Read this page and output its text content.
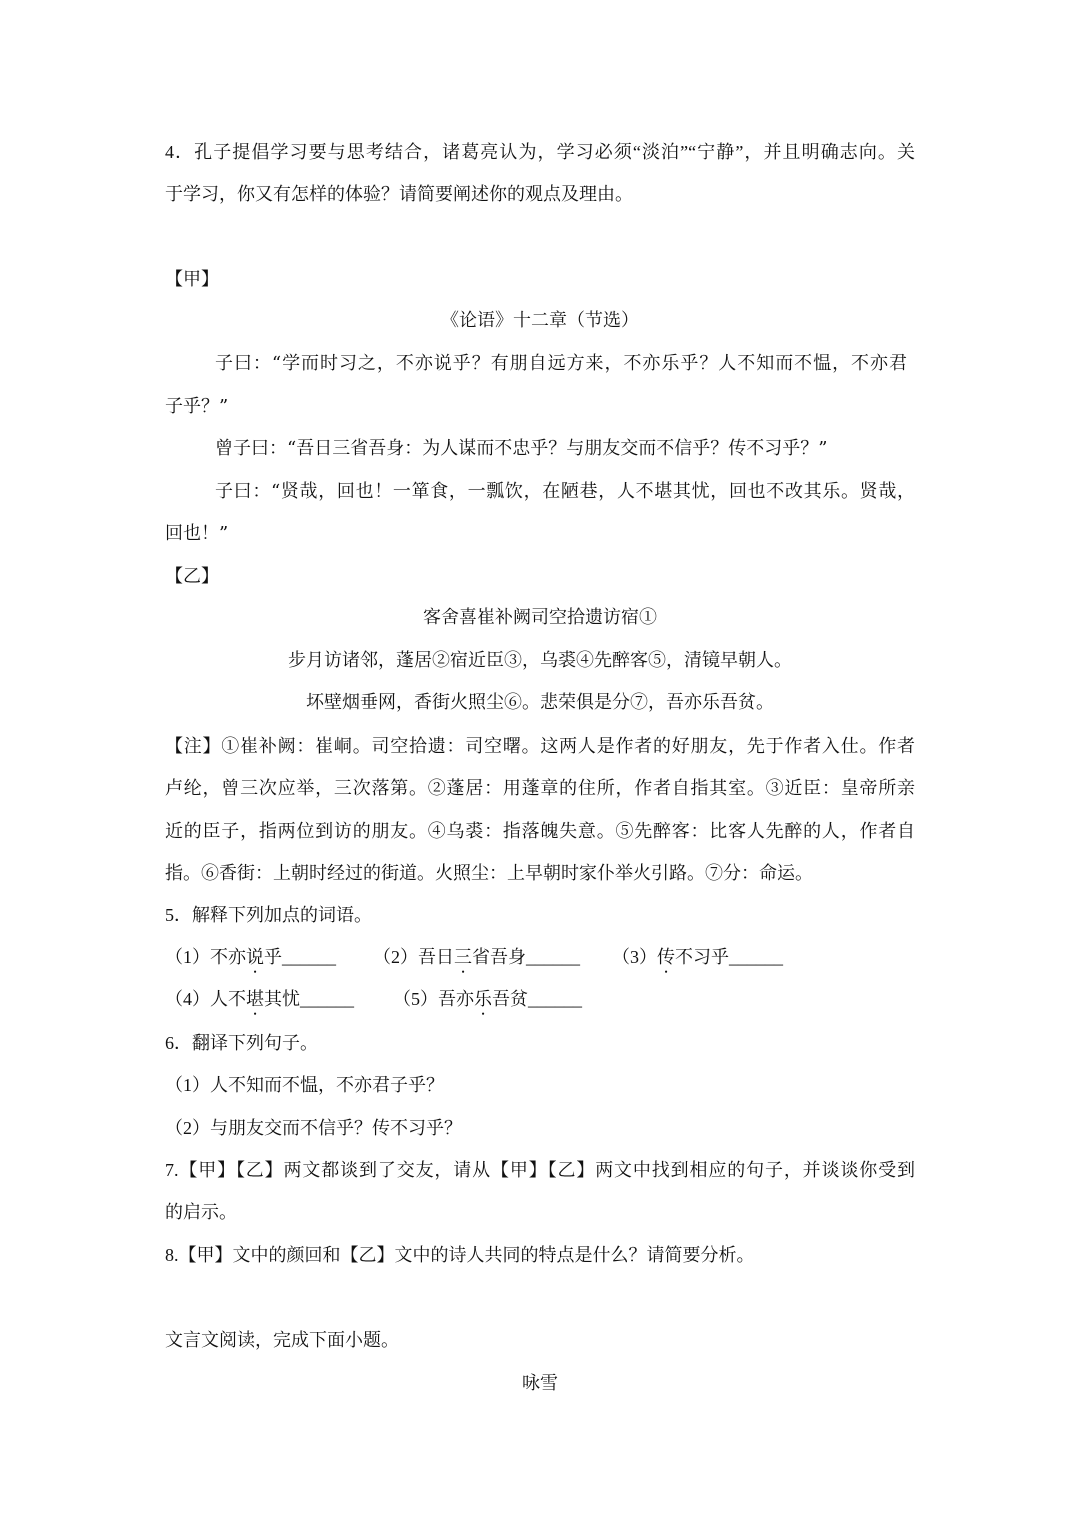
4．孔子提倡学习要与思考结合，诸葛亮认为，学习必须“淡泊”“宁静”，并且明确志向。关
于学习，你又有怎样的体验？请简要阐述你的观点及理由。
【甲】
《论语》十二章（节选）
子曰：“学而时习之，不亦说乎？有朋自远方来，不亦乐乎？人不知而不愠，不亦君
子乎？”
曾子曰：“吾日三省吾身：为人谋而不忠乎？与朋友交而不信乎？传不习乎？”
子曰：“贤哉，回也！一箪食，一瓢饮，在陋巷，人不堪其忧，回也不改其乐。贤哉，
回也！”
【乙】
客舍喜崔补阙司空拾遗访宿①
步月访诸邻，蓬居②宿近臣③，乌裘④先醉客⑤，清镜早朝人。
坏壁烟垂网，香街火照尘⑥。悲荣俱是分⑦，吾亦乐吾贫。
【注】①崔补阙：崔峒。司空拾遗：司空曙。这两人是作者的好朋友，先于作者入仕。作者
卢纶，曾三次应举，三次落第。②蓬居：用蓬章的住所，作者自指其室。③近臣：皇帝所亲
近的臣子，指两位到访的朋友。④乌裘：指落魄失意。⑤先醉客：比客人先醉的人，作者自
指。⑥香街：上朝时经过的街道。火照尘：上早朝时家仆举火引路。⑦分：命运。
5．解释下列加点的词语。
（1）不亦说乎______ （2）吾日三省吾身______ （3）传不习乎______
（4）人不堪其忧______ （5）吾亦乐吾贫______
6．翻译下列句子。
（1）人不知而不愠，不亦君子乎？
（2）与朋友交而不信乎？传不习乎？
7.【甲】【乙】两文都谈到了交友，请从【甲】【乙】两文中找到相应的句子，并谈谈你受到
的启示。
8.【甲】文中的颜回和【乙】文中的诗人共同的特点是什么？请简要分析。
文言文阅读，完成下面小题。
咏雪
